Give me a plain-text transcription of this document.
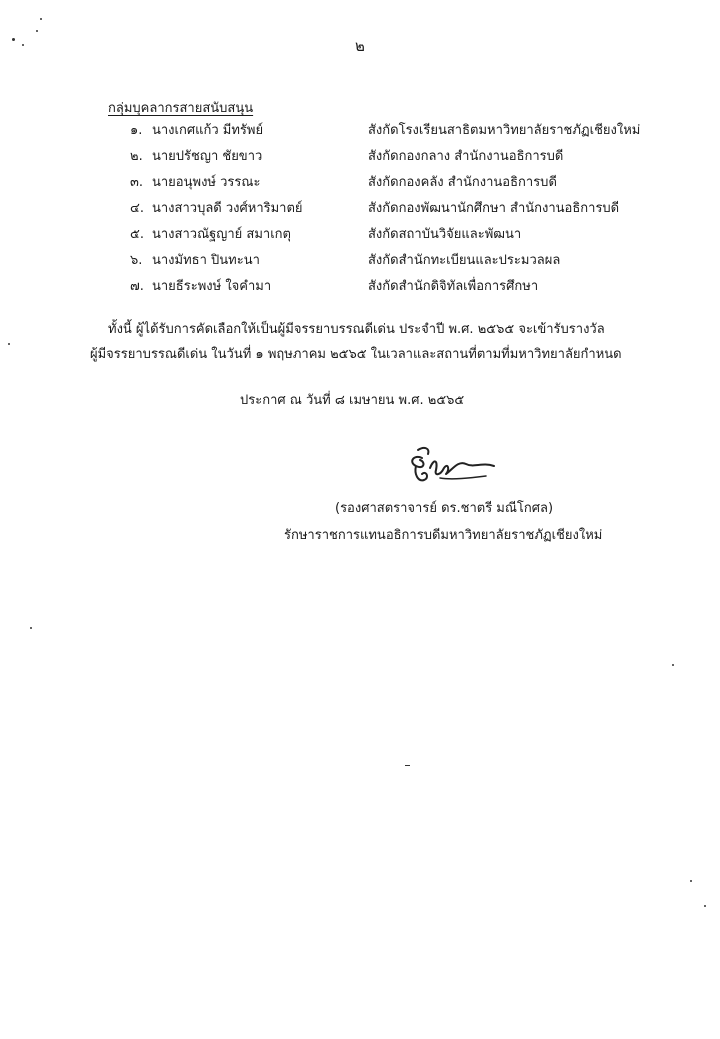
๒
กลุ่มบุคลากรสายสนับสนุน
๑. นางเกศแก้ว มีทรัพย์	สังกัดโรงเรียนสาธิตมหาวิทยาลัยราชภัฏเชียงใหม่
๒. นายปรัชญา ชัยขาว	สังกัดกองกลาง สำนักงานอธิการบดี
๓. นายอนุพงษ์ วรรณะ	สังกัดกองคลัง สำนักงานอธิการบดี
๔. นางสาวบุลดี วงศ์หาริมาตย์	สังกัดกองพัฒนานักศึกษา สำนักงานอธิการบดี
๕. นางสาวณัฐญาย์ สมาเกตุ	สังกัดสถาบันวิจัยและพัฒนา
๖. นางมัทธา ปินทะนา	สังกัดสำนักทะเบียนและประมวลผล
๗. นายธีระพงษ์ ใจคำมา	สังกัดสำนักดิจิทัลเพื่อการศึกษา
ทั้งนี้ ผู้ได้รับการคัดเลือกให้เป็นผู้มีจรรยาบรรณดีเด่น ประจำปี พ.ศ. ๒๕๖๕ จะเข้ารับรางวัล
ผู้มีจรรยาบรรณดีเด่น ในวันที่ ๑ พฤษภาคม ๒๕๖๕ ในเวลาและสถานที่ตามที่มหาวิทยาลัยกำหนด
ประกาศ ณ วันที่ ๘ เมษายน พ.ศ. ๒๕๖๕
(รองศาสตราจารย์ ดร.ชาตรี มณีโกศล)
รักษาราชการแทนอธิการบดีมหาวิทยาลัยราชภัฏเชียงใหม่
